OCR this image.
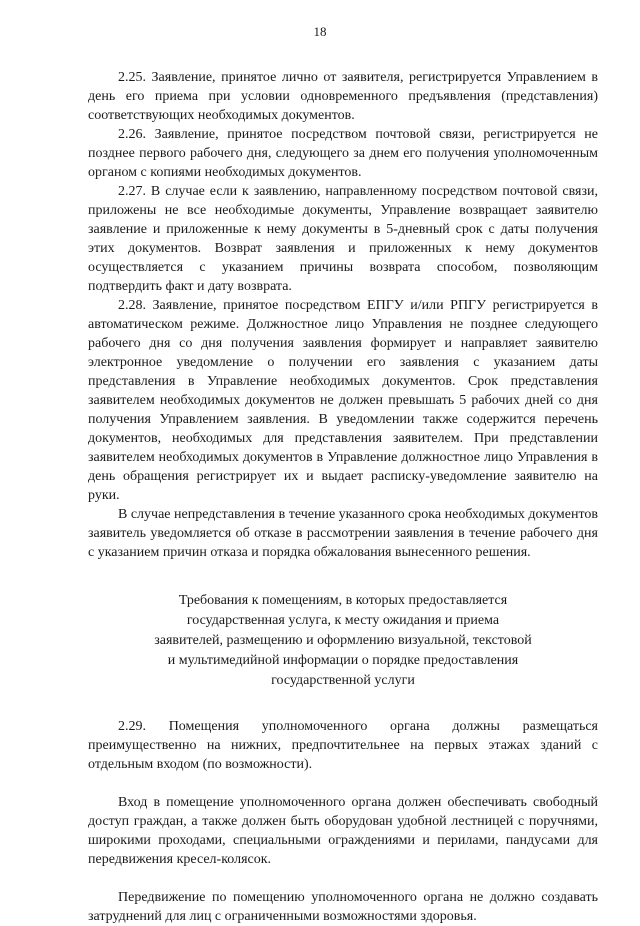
18

2.25. Заявление, принятое лично от заявителя, регистрируется Управлением в день его приема при условии одновременного предъявления (представления) соответствующих необходимых документов.

2.26. Заявление, принятое посредством почтовой связи, регистрируется не позднее первого рабочего дня, следующего за днем его получения уполномоченным органом с копиями необходимых документов.

2.27. В случае если к заявлению, направленному посредством почтовой связи, приложены не все необходимые документы, Управление возвращает заявителю заявление и приложенные к нему документы в 5-дневный срок с даты получения этих документов. Возврат заявления и приложенных к нему документов осуществляется с указанием причины возврата способом, позволяющим подтвердить факт и дату возврата.

2.28. Заявление, принятое посредством ЕПГУ и/или РПГУ регистрируется в автоматическом режиме. Должностное лицо Управления не позднее следующего рабочего дня со дня получения заявления формирует и направляет заявителю электронное уведомление о получении его заявления с указанием даты представления в Управление необходимых документов. Срок представления заявителем необходимых документов не должен превышать 5 рабочих дней со дня получения Управлением заявления. В уведомлении также содержится перечень документов, необходимых для представления заявителем. При представлении заявителем необходимых документов в Управление должностное лицо Управления в день обращения регистрирует их и выдает расписку-уведомление заявителю на руки.

В случае непредставления в течение указанного срока необходимых документов заявитель уведомляется об отказе в рассмотрении заявления в течение рабочего дня с указанием причин отказа и порядка обжалования вынесенного решения.

Требования к помещениям, в которых предоставляется
государственная услуга, к месту ожидания и приема
заявителей, размещению и оформлению визуальной, текстовой
и мультимедийной информации о порядке предоставления
государственной услуги

2.29. Помещения уполномоченного органа должны размещаться преимущественно на нижних, предпочтительнее на первых этажах зданий с отдельным входом (по возможности).

Вход в помещение уполномоченного органа должен обеспечивать свободный доступ граждан, а также должен быть оборудован удобной лестницей с поручнями, широкими проходами, специальными ограждениями и перилами, пандусами для передвижения кресел-колясок.

Передвижение по помещению уполномоченного органа не должно создавать затруднений для лиц с ограниченными возможностями здоровья.
